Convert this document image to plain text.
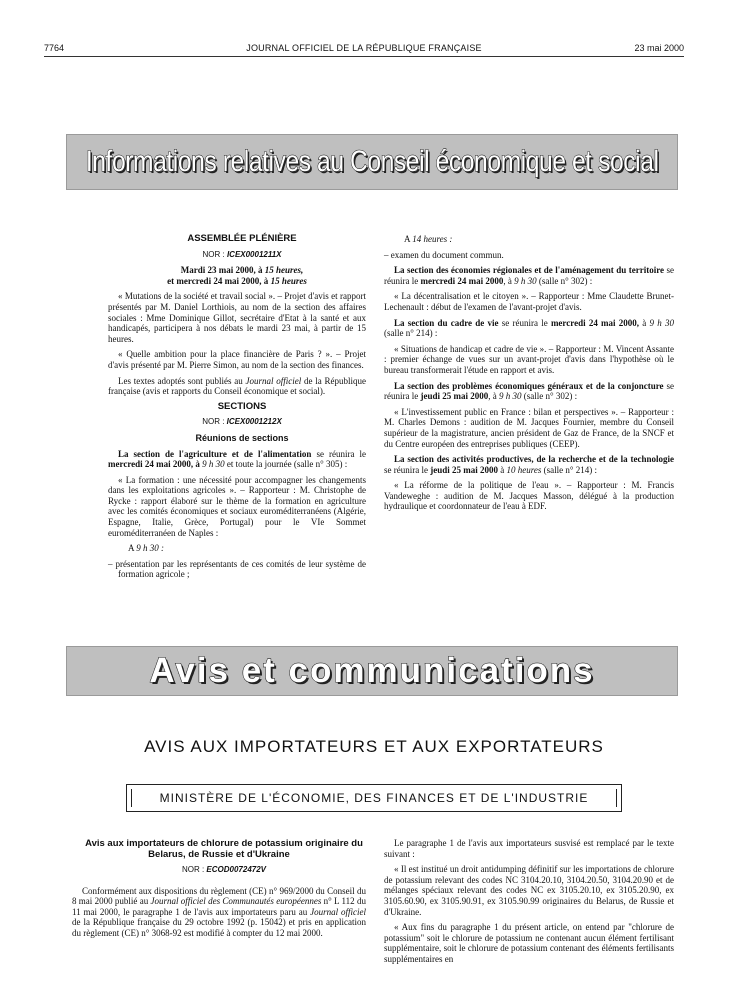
7764	JOURNAL OFFICIEL DE LA RÉPUBLIQUE FRANÇAISE	23 mai 2000
Informations relatives au Conseil économique et social

ASSEMBLÉE PLÉNIÈRE

NOR : ICEX0001211X

Mardi 23 mai 2000, à 15 heures,
et mercredi 24 mai 2000, à 15 heures

« Mutations de la société et travail social ». – Projet d'avis et rapport présentés par M. Daniel Lorthiois, au nom de la section des affaires sociales : Mme Dominique Gillot, secrétaire d'Etat à la santé et aux handicapés, participera à nos débats le mardi 23 mai, à partir de 15 heures.

« Quelle ambition pour la place financière de Paris ? ». – Projet d'avis présenté par M. Pierre Simon, au nom de la section des finances.

Les textes adoptés sont publiés au Journal officiel de la République française (avis et rapports du Conseil économique et social).

SECTIONS

NOR : ICEX0001212X

Réunions de sections

La section de l'agriculture et de l'alimentation se réunira le mercredi 24 mai 2000, à 9 h 30 et toute la journée (salle n° 305) :

« La formation : une nécessité pour accompagner les changements dans les exploitations agricoles ». – Rapporteur : M. Christophe de Rycke : rapport élaboré sur le thème de la formation en agriculture avec les comités économiques et sociaux euroméditerranéens (Algérie, Espagne, Italie, Grèce, Portugal) pour le VIe Sommet euroméditerranéen de Naples :

A 9 h 30 :

– présentation par les représentants de ces comités de leur système de formation agricole ;

A 14 heures :

– examen du document commun.

La section des économies régionales et de l'aménagement du territoire se réunira le mercredi 24 mai 2000, à 9 h 30 (salle n° 302) :

« La décentralisation et le citoyen ». – Rapporteur : Mme Claudette Brunet-Lechenault : début de l'examen de l'avant-projet d'avis.

La section du cadre de vie se réunira le mercredi 24 mai 2000, à 9 h 30 (salle n° 214) :

« Situations de handicap et cadre de vie ». – Rapporteur : M. Vincent Assante : premier échange de vues sur un avant-projet d'avis dans l'hypothèse où le bureau transformerait l'étude en rapport et avis.

La section des problèmes économiques généraux et de la conjoncture se réunira le jeudi 25 mai 2000, à 9 h 30 (salle n° 302) :

« L'investissement public en France : bilan et perspectives ». – Rapporteur : M. Charles Demons : audition de M. Jacques Fournier, membre du Conseil supérieur de la magistrature, ancien président de Gaz de France, de la SNCF et du Centre européen des entreprises publiques (CEEP).

La section des activités productives, de la recherche et de la technologie se réunira le jeudi 25 mai 2000 à 10 heures (salle n° 214) :

« La réforme de la politique de l'eau ». – Rapporteur : M. Francis Vandeweghe : audition de M. Jacques Masson, délégué à la production hydraulique et coordonnateur de l'eau à EDF.

Avis et communications
AVIS AUX IMPORTATEURS ET AUX EXPORTATEURS
MINISTÈRE DE L'ÉCONOMIE, DES FINANCES ET DE L'INDUSTRIE

Avis aux importateurs de chlorure de potassium originaire du Belarus, de Russie et d'Ukraine

NOR : ECOD0072472V

Conformément aux dispositions du règlement (CE) n° 969/2000 du Conseil du 8 mai 2000 publié au Journal officiel des Communautés européennes n° L 112 du 11 mai 2000, le paragraphe 1 de l'avis aux importateurs paru au Journal officiel de la République française du 29 octobre 1992 (p. 15042) et pris en application du règlement (CE) n° 3068-92 est modifié à compter du 12 mai 2000.

Le paragraphe 1 de l'avis aux importateurs susvisé est remplacé par le texte suivant :

« Il est institué un droit antidumping définitif sur les importations de chlorure de potassium relevant des codes NC 3104.20.10, 3104.20.50, 3104.20.90 et de mélanges spéciaux relevant des codes NC ex 3105.20.10, ex 3105.20.90, ex 3105.60.90, ex 3105.90.91, ex 3105.90.99 originaires du Belarus, de Russie et d'Ukraine.

« Aux fins du paragraphe 1 du présent article, on entend par "chlorure de potassium" soit le chlorure de potassium ne contenant aucun élément fertilisant supplémentaire, soit le chlorure de potassium contenant des éléments fertilisants supplémentaires en
